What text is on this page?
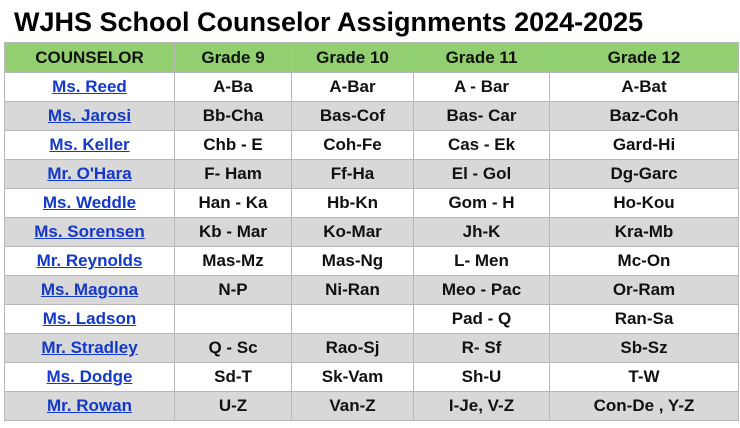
WJHS School Counselor Assignments 2024-2025
COUNSELOR	Grade 9	Grade 10	Grade 11	Grade 12
Ms. Reed	A-Ba	A-Bar	A - Bar	A-Bat
Ms. Jarosi	Bb-Cha	Bas-Cof	Bas- Car	Baz-Coh
Ms. Keller	Chb - E	Coh-Fe	Cas - Ek	Gard-Hi
Mr. O'Hara	F- Ham	Ff-Ha	El - Gol	Dg-Garc
Ms. Weddle	Han - Ka	Hb-Kn	Gom - H	Ho-Kou
Ms. Sorensen	Kb - Mar	Ko-Mar	Jh-K	Kra-Mb
Mr. Reynolds	Mas-Mz	Mas-Ng	L- Men	Mc-On
Ms. Magona	N-P	Ni-Ran	Meo - Pac	Or-Ram
Ms. Ladson			Pad - Q	Ran-Sa
Mr. Stradley	Q - Sc	Rao-Sj	R- Sf	Sb-Sz
Ms. Dodge	Sd-T	Sk-Vam	Sh-U	T-W
Mr. Rowan	U-Z	Van-Z	I-Je, V-Z	Con-De , Y-Z
